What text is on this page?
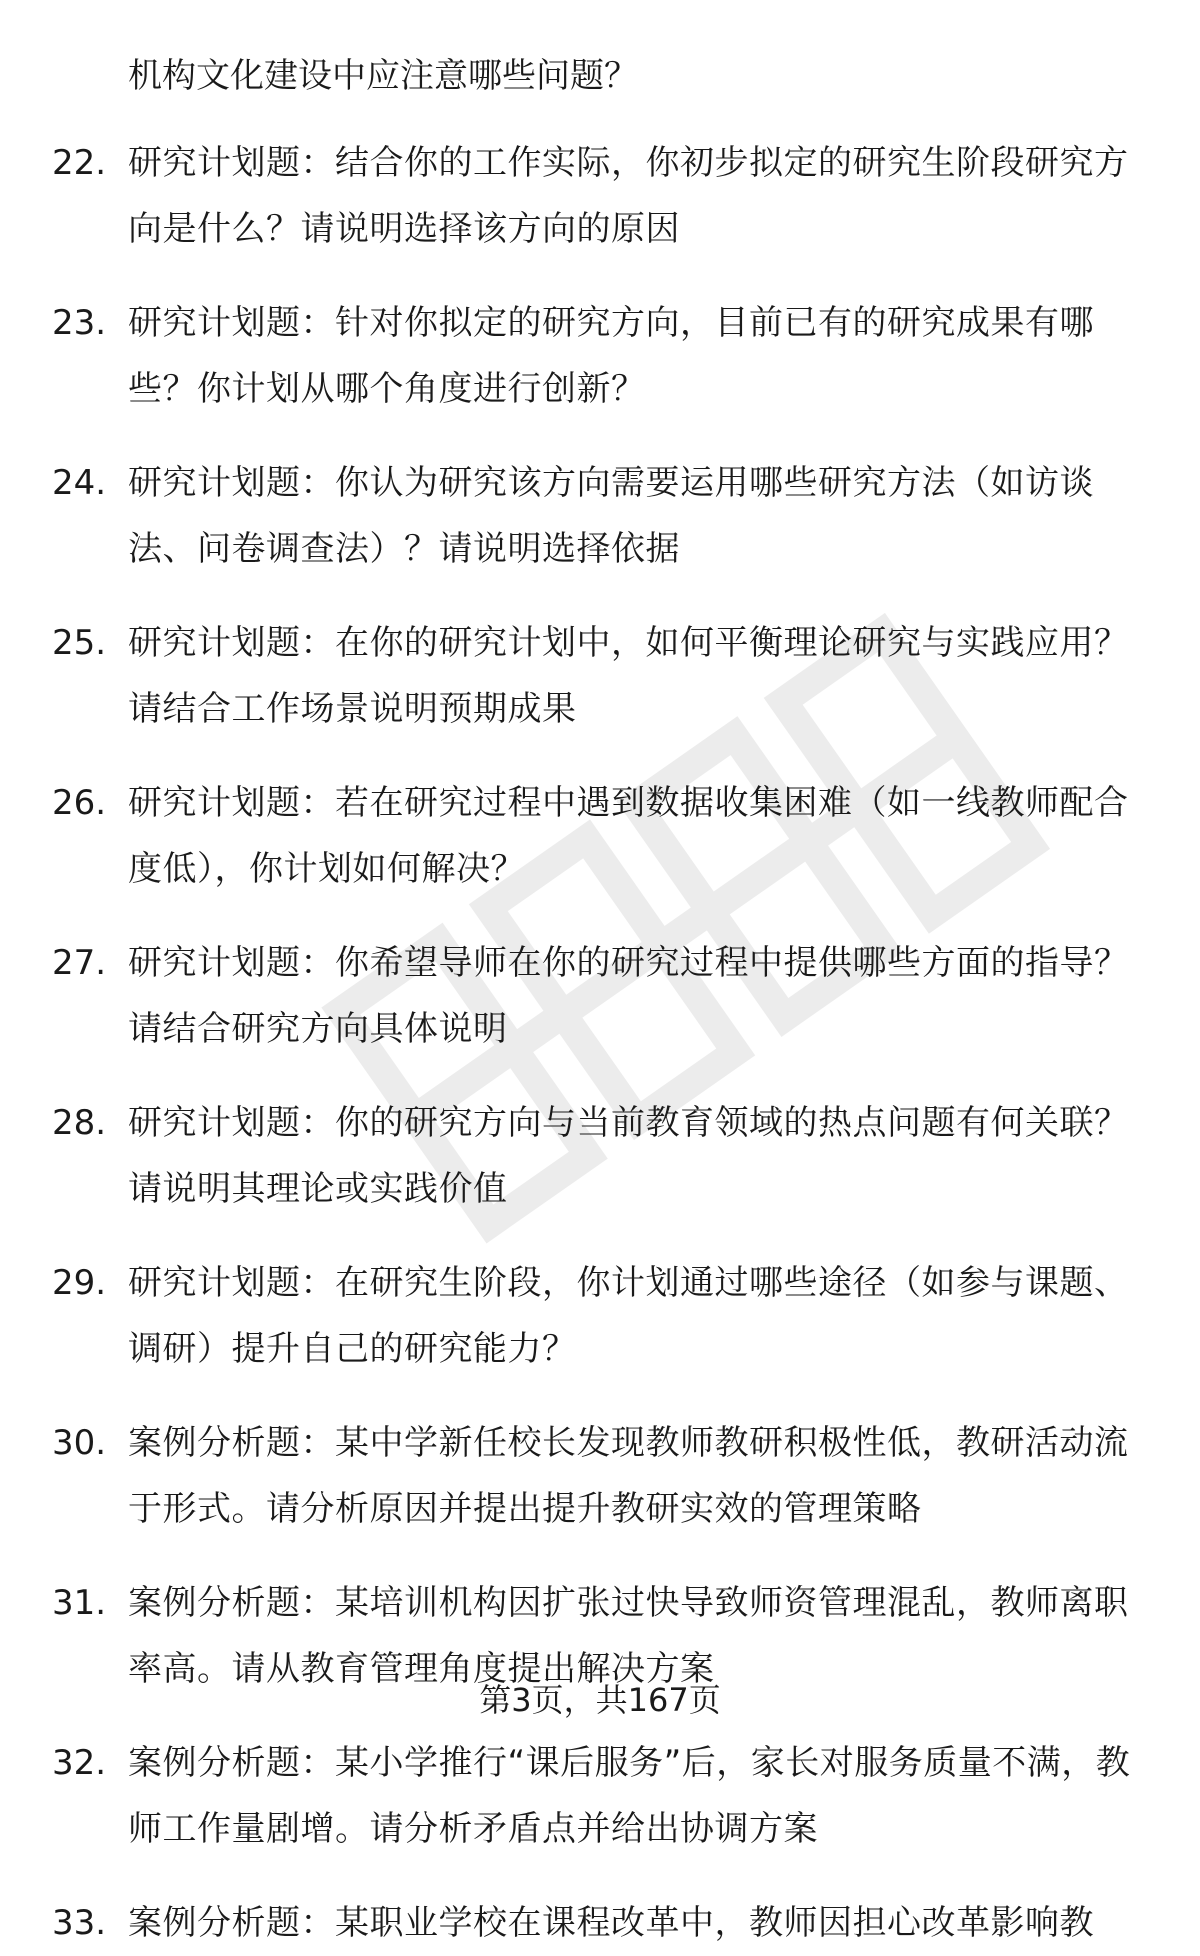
机构文化建设中应注意哪些问题？
22. 研究计划题：结合你的工作实际，你初步拟定的研究生阶段研究方向是什么？请说明选择该方向的原因
23. 研究计划题：针对你拟定的研究方向，目前已有的研究成果有哪些？你计划从哪个角度进行创新？
24. 研究计划题：你认为研究该方向需要运用哪些研究方法（如访谈法、问卷调查法）？请说明选择依据
25. 研究计划题：在你的研究计划中，如何平衡理论研究与实践应用？请结合工作场景说明预期成果
26. 研究计划题：若在研究过程中遇到数据收集困难（如一线教师配合度低），你计划如何解决？
27. 研究计划题：你希望导师在你的研究过程中提供哪些方面的指导？请结合研究方向具体说明
28. 研究计划题：你的研究方向与当前教育领域的热点问题有何关联？请说明其理论或实践价值
29. 研究计划题：在研究生阶段，你计划通过哪些途径（如参与课题、调研）提升自己的研究能力？
30. 案例分析题：某中学新任校长发现教师教研积极性低，教研活动流于形式。请分析原因并提出提升教研实效的管理策略
31. 案例分析题：某培训机构因扩张过快导致师资管理混乱，教师离职率高。请从教育管理角度提出解决方案
32. 案例分析题：某小学推行“课后服务”后，家长对服务质量不满，教师工作量剧增。请分析矛盾点并给出协调方案
33. 案例分析题：某职业学校在课程改革中，教师因担心改革影响教
第3页，共167页
